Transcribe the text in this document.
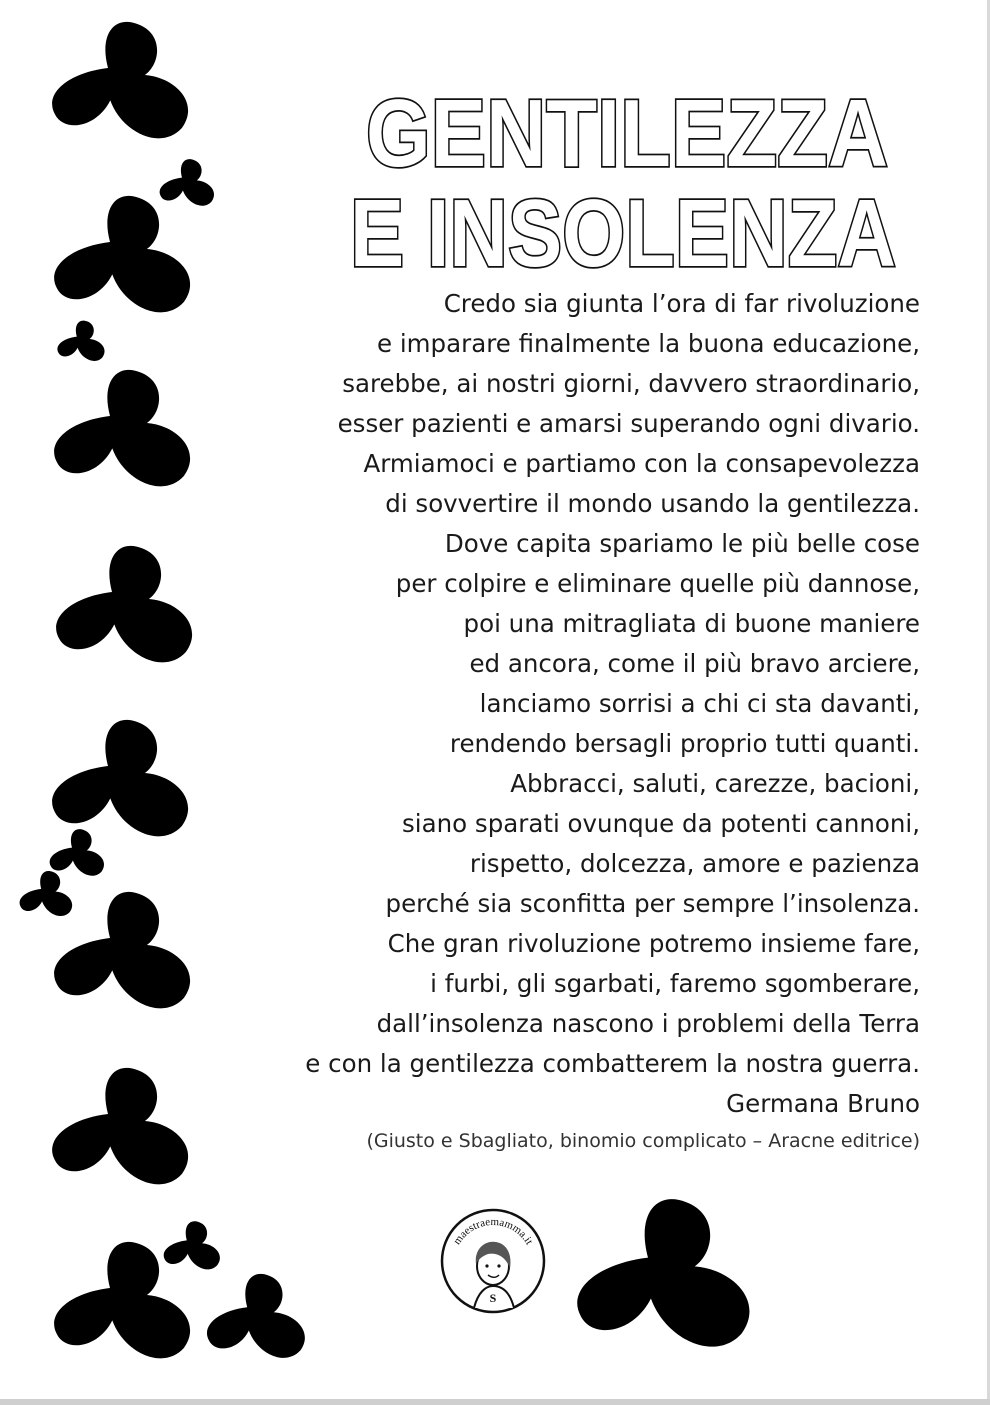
GENTILEZZA
E INSOLENZA
Credo sia giunta l’ora di far rivoluzione
e imparare finalmente la buona educazione,
sarebbe, ai nostri giorni, davvero straordinario,
esser pazienti e amarsi superando ogni divario.
Armiamoci e partiamo con la consapevolezza
di sovvertire il mondo usando la gentilezza.
Dove capita spariamo le più belle cose
per colpire e eliminare quelle più dannose,
poi una mitragliata di buone maniere
ed ancora, come il più bravo arciere,
lanciamo sorrisi a chi ci sta davanti,
rendendo bersagli proprio tutti quanti.
Abbracci, saluti, carezze, bacioni,
siano sparati ovunque da potenti cannoni,
rispetto, dolcezza, amore e pazienza
perché sia sconfitta per sempre l’insolenza.
Che gran rivoluzione potremo insieme fare,
i furbi, gli sgarbati, faremo sgomberare,
dall’insolenza nascono i problemi della Terra
e con la gentilezza combatterem la nostra guerra.
Germana Bruno
(Giusto e Sbagliato, binomio complicato – Aracne editrice)
maestraemamma.it
S
